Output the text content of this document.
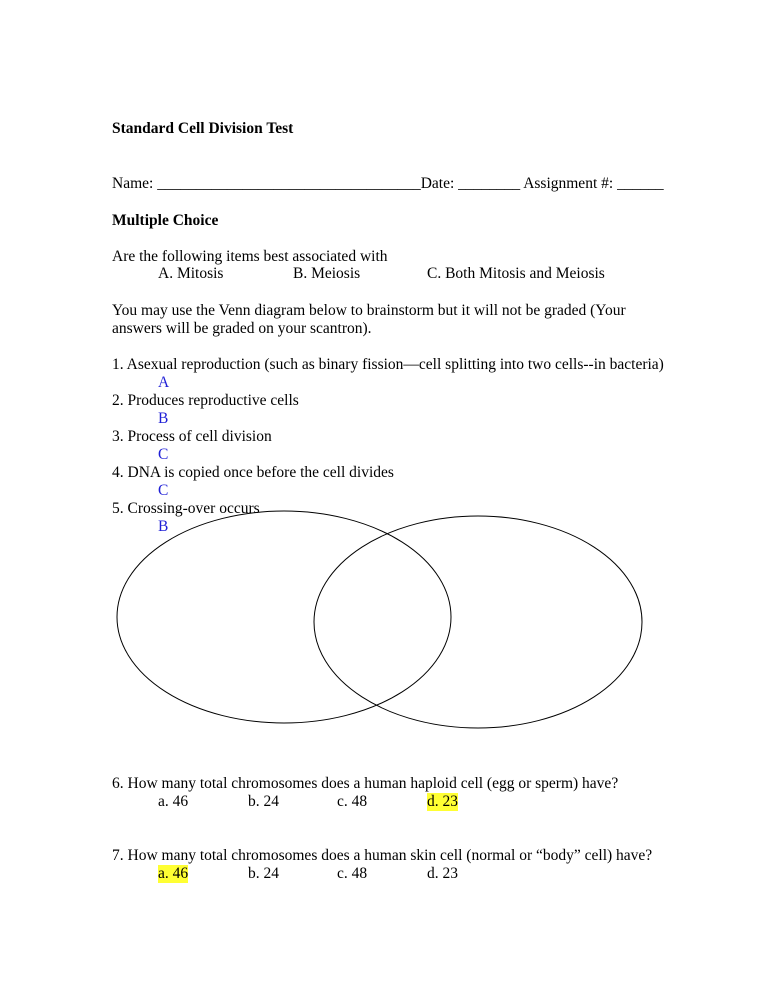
Standard Cell Division Test
Name: __________________________________Date: ________ Assignment #: ______
Multiple Choice
Are the following items best associated with
A. Mitosis	B. Meiosis	C. Both Mitosis and Meiosis
You may use the Venn diagram below to brainstorm but it will not be graded (Your
answers will be graded on your scantron).
1. Asexual reproduction (such as binary fission—cell splitting into two cells--in bacteria)
A
2. Produces reproductive cells
B
3. Process of cell division
C
4. DNA is copied once before the cell divides
C
5. Crossing-over occurs
B
6. How many total chromosomes does a human haploid cell (egg or sperm) have?
a. 46	b. 24	c. 48	d. 23
7. How many total chromosomes does a human skin cell (normal or “body” cell) have?
a. 46	b. 24	c. 48	d. 23
